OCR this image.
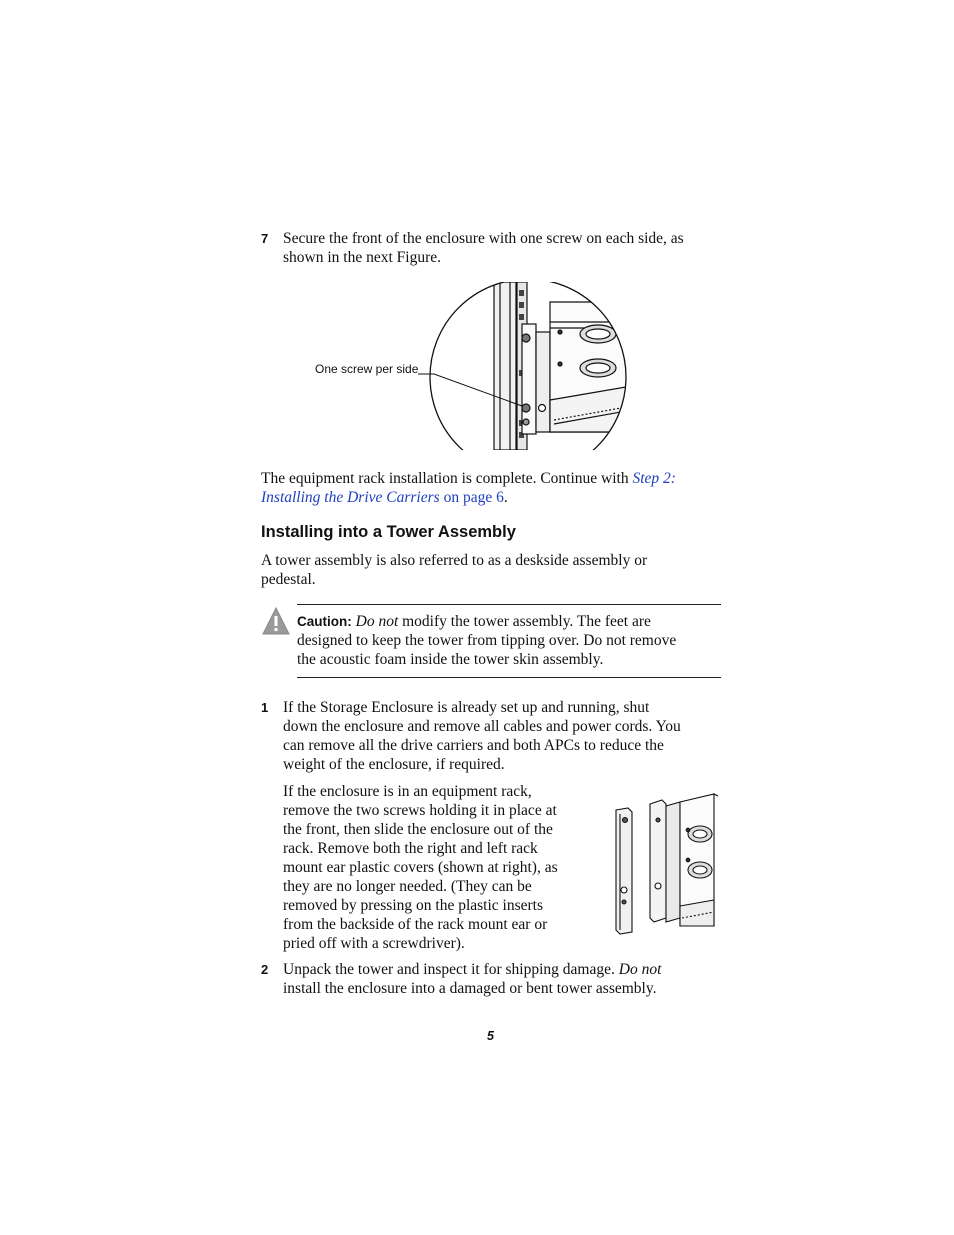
7 Secure the front of the enclosure with one screw on each side, as
shown in the next Figure.
One screw per side
The equipment rack installation is complete. Continue with Step 2:
Installing the Drive Carriers on page 6.
Installing into a Tower Assembly
A tower assembly is also referred to as a deskside assembly or
pedestal.
Caution: Do not modify the tower assembly. The feet are
designed to keep the tower from tipping over. Do not remove
the acoustic foam inside the tower skin assembly.
1 If the Storage Enclosure is already set up and running, shut
down the enclosure and remove all cables and power cords. You
can remove all the drive carriers and both APCs to reduce the
weight of the enclosure, if required.
If the enclosure is in an equipment rack,
remove the two screws holding it in place at
the front, then slide the enclosure out of the
rack. Remove both the right and left rack
mount ear plastic covers (shown at right), as
they are no longer needed. (They can be
removed by pressing on the plastic inserts
from the backside of the rack mount ear or
pried off with a screwdriver).
2 Unpack the tower and inspect it for shipping damage. Do not
install the enclosure into a damaged or bent tower assembly.
5
